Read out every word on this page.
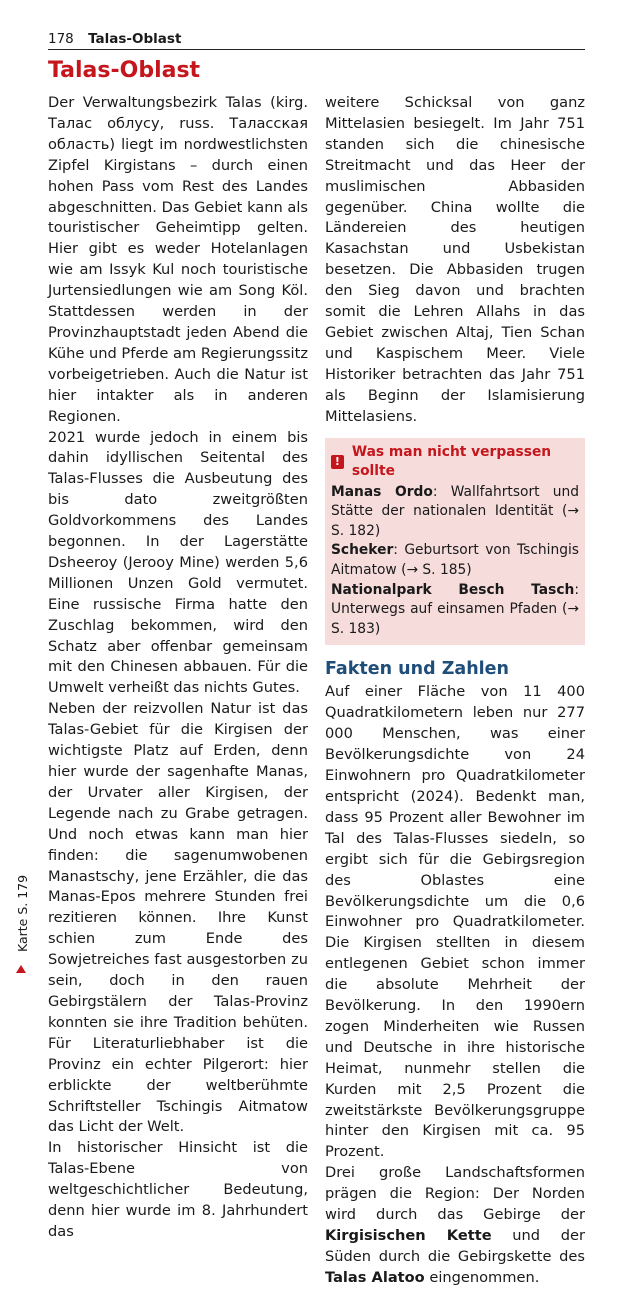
178 Talas-Oblast
Talas-Oblast

Der Verwaltungsbezirk Talas (kirg. Талас облусу, russ. Таласская область) liegt im nordwestlichsten Zipfel Kirgistans – durch einen hohen Pass vom Rest des Landes abgeschnitten. Das Gebiet kann als touristischer Geheimtipp gelten. Hier gibt es weder Hotelanlagen wie am Issyk Kul noch touristische Jurtensiedlungen wie am Song Köl. Stattdessen werden in der Provinzhauptstadt jeden Abend die Kühe und Pferde am Regierungssitz vorbeigetrieben. Auch die Natur ist hier intakter als in anderen Regionen.

2021 wurde jedoch in einem bis dahin idyllischen Seitental des Talas-Flusses die Ausbeutung des bis dato zweitgrößten Goldvorkommens des Landes begonnen. In der Lagerstätte Dsheeroy (Jerooy Mine) werden 5,6 Millionen Unzen Gold vermutet. Eine russische Firma hatte den Zuschlag bekommen, wird den Schatz aber offenbar gemeinsam mit den Chinesen abbauen. Für die Umwelt verheißt das nichts Gutes.

Neben der reizvollen Natur ist das Talas-Gebiet für die Kirgisen der wichtigste Platz auf Erden, denn hier wurde der sagenhafte Manas, der Urvater aller Kirgisen, der Legende nach zu Grabe getragen. Und noch etwas kann man hier finden: die sagenumwobenen Manastschy, jene Erzähler, die das Manas-Epos mehrere Stunden frei rezitieren können. Ihre Kunst schien zum Ende des Sowjetreiches fast ausgestorben zu sein, doch in den rauen Gebirgstälern der Talas-Provinz konnten sie ihre Tradition behüten. Für Literaturliebhaber ist die Provinz ein echter Pilgerort: hier erblickte der weltberühmte Schriftsteller Tschingis Aitmatow das Licht der Welt.

In historischer Hinsicht ist die Talas-Ebene von weltgeschichtlicher Bedeutung, denn hier wurde im 8. Jahrhundert das

weitere Schicksal von ganz Mittelasien besiegelt. Im Jahr 751 standen sich die chinesische Streitmacht und das Heer der muslimischen Abbasiden gegenüber. China wollte die Ländereien des heutigen Kasachstan und Usbekistan besetzen. Die Abbasiden trugen den Sieg davon und brachten somit die Lehren Allahs in das Gebiet zwischen Altaj, Tien Schan und Kaspischem Meer. Viele Historiker betrachten das Jahr 751 als Beginn der Islamisierung Mittelasiens.

!
Was man nicht verpassen sollte

Manas Ordo: Wallfahrtsort und Stätte der nationalen Identität (→ S. 182)

Scheker: Geburtsort von Tschingis Aitmatow (→ S. 185)

Nationalpark Besch Tasch: Unterwegs auf einsamen Pfaden (→ S. 183)

Fakten und Zahlen

Auf einer Fläche von 11 400 Quadratkilometern leben nur 277 000 Menschen, was einer Bevölkerungsdichte von 24 Einwohnern pro Quadratkilometer entspricht (2024). Bedenkt man, dass 95 Prozent aller Bewohner im Tal des Talas-Flusses siedeln, so ergibt sich für die Gebirgsregion des Oblastes eine Bevölkerungsdichte um die 0,6 Einwohner pro Quadratkilometer. Die Kirgisen stellten in diesem entlegenen Gebiet schon immer die absolute Mehrheit der Bevölkerung. In den 1990ern zogen Minderheiten wie Russen und Deutsche in ihre historische Heimat, nunmehr stellen die Kurden mit 2,5 Prozent die zweitstärkste Bevölkerungsgruppe hinter den Kirgisen mit ca. 95 Prozent.

Drei große Landschaftsformen prägen die Region: Der Norden wird durch das Gebirge der Kirgisischen Kette und der Süden durch die Gebirgskette des Talas Alatoo eingenommen.

Karte S. 179
